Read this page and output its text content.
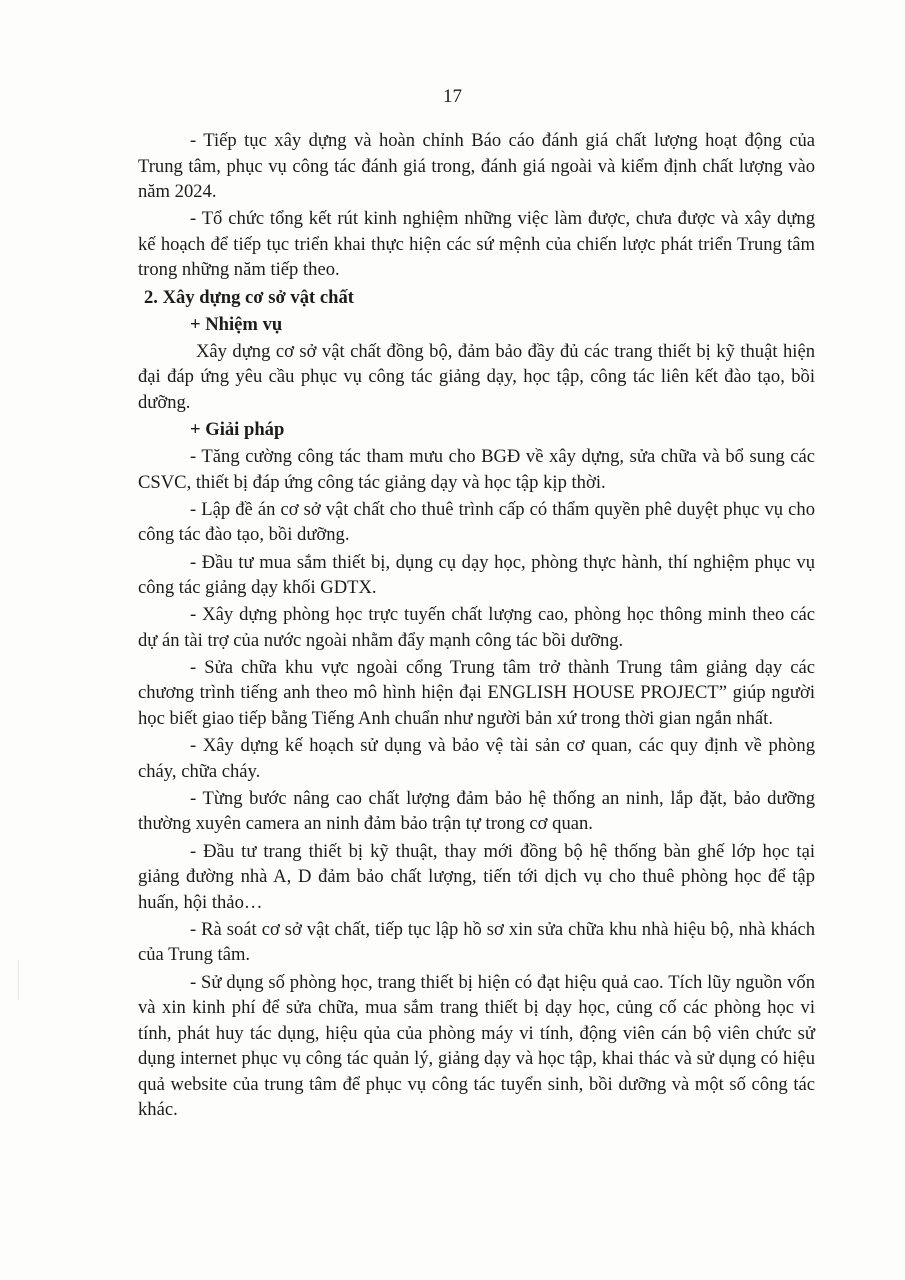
17

- Tiếp tục xây dựng và hoàn chỉnh Báo cáo đánh giá chất lượng hoạt động của Trung tâm, phục vụ công tác đánh giá trong, đánh giá ngoài và kiểm định chất lượng vào năm 2024.

- Tổ chức tổng kết rút kinh nghiệm những việc làm được, chưa được và xây dựng kế hoạch để tiếp tục triển khai thực hiện các sứ mệnh của chiến lược phát triển Trung tâm trong những năm tiếp theo.

2. Xây dựng cơ sở vật chất

+ Nhiệm vụ

Xây dựng cơ sở vật chất đồng bộ, đảm bảo đầy đủ các trang thiết bị kỹ thuật hiện đại đáp ứng yêu cầu phục vụ công tác giảng dạy, học tập, công tác liên kết đào tạo, bồi dưỡng.

+ Giải pháp

- Tăng cường công tác tham mưu cho BGĐ về xây dựng, sửa chữa và bổ sung các CSVC, thiết bị đáp ứng công tác giảng dạy và học tập kịp thời.

- Lập đề án cơ sở vật chất cho thuê trình cấp có thẩm quyền phê duyệt phục vụ cho công tác đào tạo, bồi dưỡng.

- Đầu tư mua sắm thiết bị, dụng cụ dạy học, phòng thực hành, thí nghiệm phục vụ công tác giảng dạy khối GDTX.

- Xây dựng phòng học trực tuyến chất lượng cao, phòng học thông minh theo các dự án tài trợ của nước ngoài nhằm đẩy mạnh công tác bồi dưỡng.

- Sửa chữa khu vực ngoài cổng Trung tâm trở thành Trung tâm giảng dạy các chương trình tiếng anh theo mô hình hiện đại ENGLISH HOUSE PROJECT” giúp người học biết giao tiếp bằng Tiếng Anh chuẩn như người bản xứ trong thời gian ngắn nhất.

- Xây dựng kế hoạch sử dụng và bảo vệ tài sản cơ quan, các quy định về phòng cháy, chữa cháy.

- Từng bước nâng cao chất lượng đảm bảo hệ thống an ninh, lắp đặt, bảo dưỡng thường xuyên camera an ninh đảm bảo trận tự trong cơ quan.

- Đầu tư trang thiết bị kỹ thuật, thay mới đồng bộ hệ thống bàn ghế lớp học tại giảng đường nhà A, D đảm bảo chất lượng, tiến tới dịch vụ cho thuê phòng học để tập huấn, hội thảo…

- Rà soát cơ sở vật chất, tiếp tục lập hồ sơ xin sửa chữa khu nhà hiệu bộ, nhà khách của Trung tâm.

- Sử dụng số phòng học, trang thiết bị hiện có đạt hiệu quả cao. Tích lũy nguồn vốn và xin kinh phí để sửa chữa, mua sắm trang thiết bị dạy học, củng cố các phòng học vi tính, phát huy tác dụng, hiệu qủa của phòng máy vi tính, động viên cán bộ viên chức sử dụng internet phục vụ công tác quản lý, giảng dạy và học tập, khai thác và sử dụng có hiệu quả website của trung tâm để phục vụ công tác tuyển sinh, bồi dưỡng và một số công tác khác.
